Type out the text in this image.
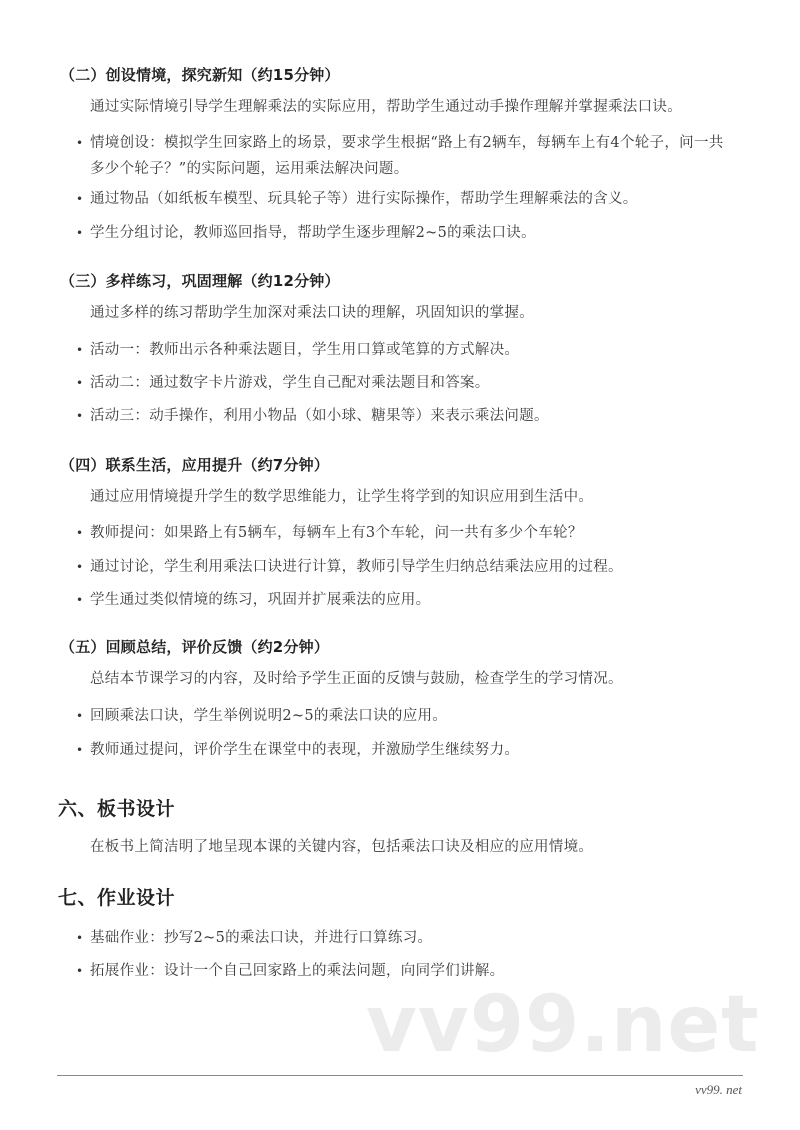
（二）创设情境，探究新知（约15分钟）
通过实际情境引导学生理解乘法的实际应用，帮助学生通过动手操作理解并掌握乘法口诀。
• 情境创设：模拟学生回家路上的场景，要求学生根据“路上有2辆车，每辆车上有4个轮子，问一共多少个轮子？”的实际问题，运用乘法解决问题。
• 通过物品（如纸板车模型、玩具轮子等）进行实际操作，帮助学生理解乘法的含义。
• 学生分组讨论，教师巡回指导，帮助学生逐步理解2~5的乘法口诀。
（三）多样练习，巩固理解（约12分钟）
通过多样的练习帮助学生加深对乘法口诀的理解，巩固知识的掌握。
• 活动一：教师出示各种乘法题目，学生用口算或笔算的方式解决。
• 活动二：通过数字卡片游戏，学生自己配对乘法题目和答案。
• 活动三：动手操作，利用小物品（如小球、糖果等）来表示乘法问题。
（四）联系生活，应用提升（约7分钟）
通过应用情境提升学生的数学思维能力，让学生将学到的知识应用到生活中。
• 教师提问：如果路上有5辆车，每辆车上有3个车轮，问一共有多少个车轮？
• 通过讨论，学生利用乘法口诀进行计算，教师引导学生归纳总结乘法应用的过程。
• 学生通过类似情境的练习，巩固并扩展乘法的应用。
（五）回顾总结，评价反馈（约2分钟）
总结本节课学习的内容，及时给予学生正面的反馈与鼓励，检查学生的学习情况。
• 回顾乘法口诀，学生举例说明2~5的乘法口诀的应用。
• 教师通过提问，评价学生在课堂中的表现，并激励学生继续努力。
六、板书设计
在板书上简洁明了地呈现本课的关键内容，包括乘法口诀及相应的应用情境。
七、作业设计
• 基础作业：抄写2~5的乘法口诀，并进行口算练习。
• 拓展作业：设计一个自己回家路上的乘法问题，向同学们讲解。
vv99.net
vv99. net
